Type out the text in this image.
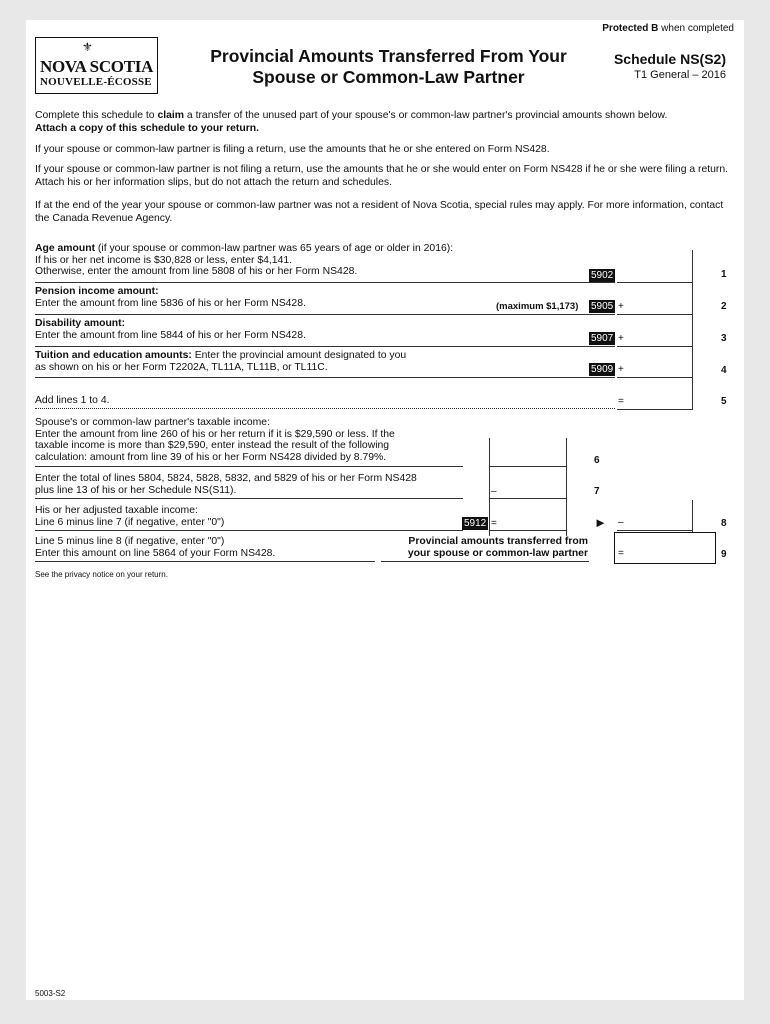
Protected B when completed
⚜
NOVA SCOTIA
NOUVELLE-ÉCOSSE
Provincial Amounts Transferred From Your
Spouse or Common-Law Partner
Schedule NS(S2)
T1 General – 2016
Complete this schedule to claim a transfer of the unused part of your spouse's or common-law partner's provincial amounts shown below.
Attach a copy of this schedule to your return.
If your spouse or common-law partner is filing a return, use the amounts that he or she entered on Form NS428.
If your spouse or common-law partner is not filing a return, use the amounts that he or she would enter on Form NS428 if he or she were filing a return. Attach his or her information slips, but do not attach the return and schedules.
If at the end of the year your spouse or common-law partner was not a resident of Nova Scotia, special rules may apply. For more information, contact the Canada Revenue Agency.
Age amount (if your spouse or common-law partner was 65 years of age or older in 2016):
If his or her net income is $30,828 or less, enter $4,141.
Otherwise, enter the amount from line 5808 of his or her Form NS428.	5902	1
Pension income amount:
Enter the amount from line 5836 of his or her Form NS428.	(maximum $1,173) 5905 +	2
Disability amount:
Enter the amount from line 5844 of his or her Form NS428.	5907 +	3
Tuition and education amounts: Enter the provincial amount designated to you
as shown on his or her Form T2202A, TL11A, TL11B, or TL11C.	5909 +	4
Add lines 1 to 4.	=	5
Spouse's or common-law partner's taxable income:
Enter the amount from line 260 of his or her return if it is $29,590 or less. If the
taxable income is more than $29,590, enter instead the result of the following
calculation: amount from line 39 of his or her Form NS428 divided by 8.79%.	6
Enter the total of lines 5804, 5824, 5828, 5832, and 5829 of his or her Form NS428
plus line 13 of his or her Schedule NS(S11).	–	7
His or her adjusted taxable income:
Line 6 minus line 7 (if negative, enter "0")	5912 =	► –	8
Line 5 minus line 8 (if negative, enter "0")
Enter this amount on line 5864 of your Form NS428.
Provincial amounts transferred from
your spouse or common-law partner	=	9
See the privacy notice on your return.
5003-S2
